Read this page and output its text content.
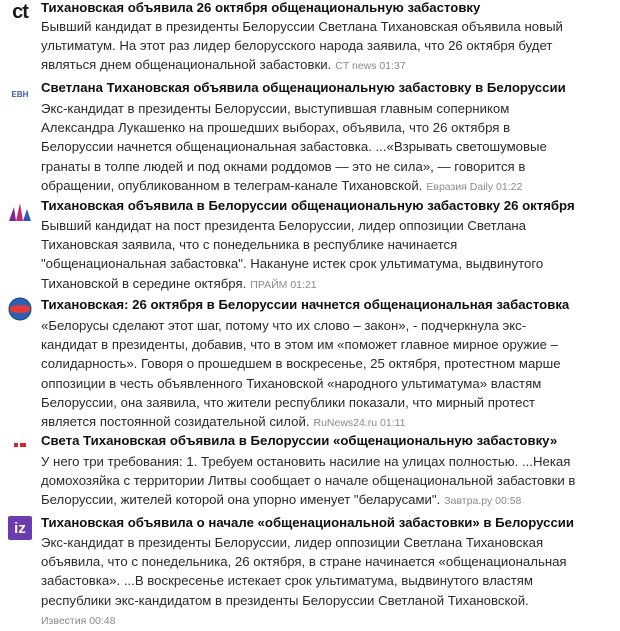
ct Тихановская объявила 26 октября общенациональную забастовку
Бывший кандидат в президенты Белоруссии Светлана Тихановская объявила новый
ультиматум. На этот раз лидер белорусского народа заявила, что 26 октября будет
являться днем общенациональной забастовки. CT news 01:37
ЕВН Светлана Тихановская объявила общенациональную забастовку в Белоруссии
Экс-кандидат в президенты Белоруссии, выступившая главным соперником
Александра Лукашенко на прошедших выборах, объявила, что 26 октября в
Белоруссии начнется общенациональная забастовка. ...«Взрывать светошумовые
гранаты в толпе людей и под окнами роддомов — это не сила», — говорится в
обращении, опубликованном в телеграм-канале Тихановской. Евразия Daily 01:22
Тихановская объявила в Белоруссии общенациональную забастовку 26 октября
Бывший кандидат на пост президента Белоруссии, лидер оппозиции Светлана
Тихановская заявила, что с понедельника в республике начинается
"общенациональная забастовка". Накануне истек срок ультиматума, выдвинутого
Тихановской в середине октября. ПРАЙМ 01:21
Тихановская: 26 октября в Белоруссии начнется общенациональная забастовка
«Белорусы сделают этот шаг, потому что их слово – закон», - подчеркнула экс-
кандидат в президенты, добавив, что в этом им «поможет главное мирное оружие –
солидарность». Говоря о прошедшем в воскресенье, 25 октября, протестном марше
оппозиции в честь объявленного Тихановской «народного ультиматума» властям
Белоруссии, она заявила, что жители республики показали, что мирный протест
является постоянной созидательной силой. RuNews24.ru 01:11
Света Тихановская объявила в Белоруссии «общенациональную забастовку»
У него три требования: 1. Требуем остановить насилие на улицах полностью. ...Некая
домохозяйка с территории Литвы сообщает о начале общенациональной забастовки в
Белоруссии, жителей которой она упорно именует "беларусами". Завтра.ру 00:58
iz Тихановская объявила о начале «общенациональной забастовки» в Белоруссии
Экс-кандидат в президенты Белоруссии, лидер оппозиции Светлана Тихановская
объявила, что с понедельника, 26 октября, в стране начинается «общенациональная
забастовка». ...В воскресенье истекает срок ультиматума, выдвинутого властям
республики экс-кандидатом в президенты Белоруссии Светланой Тихановской.
Известия 00:48
